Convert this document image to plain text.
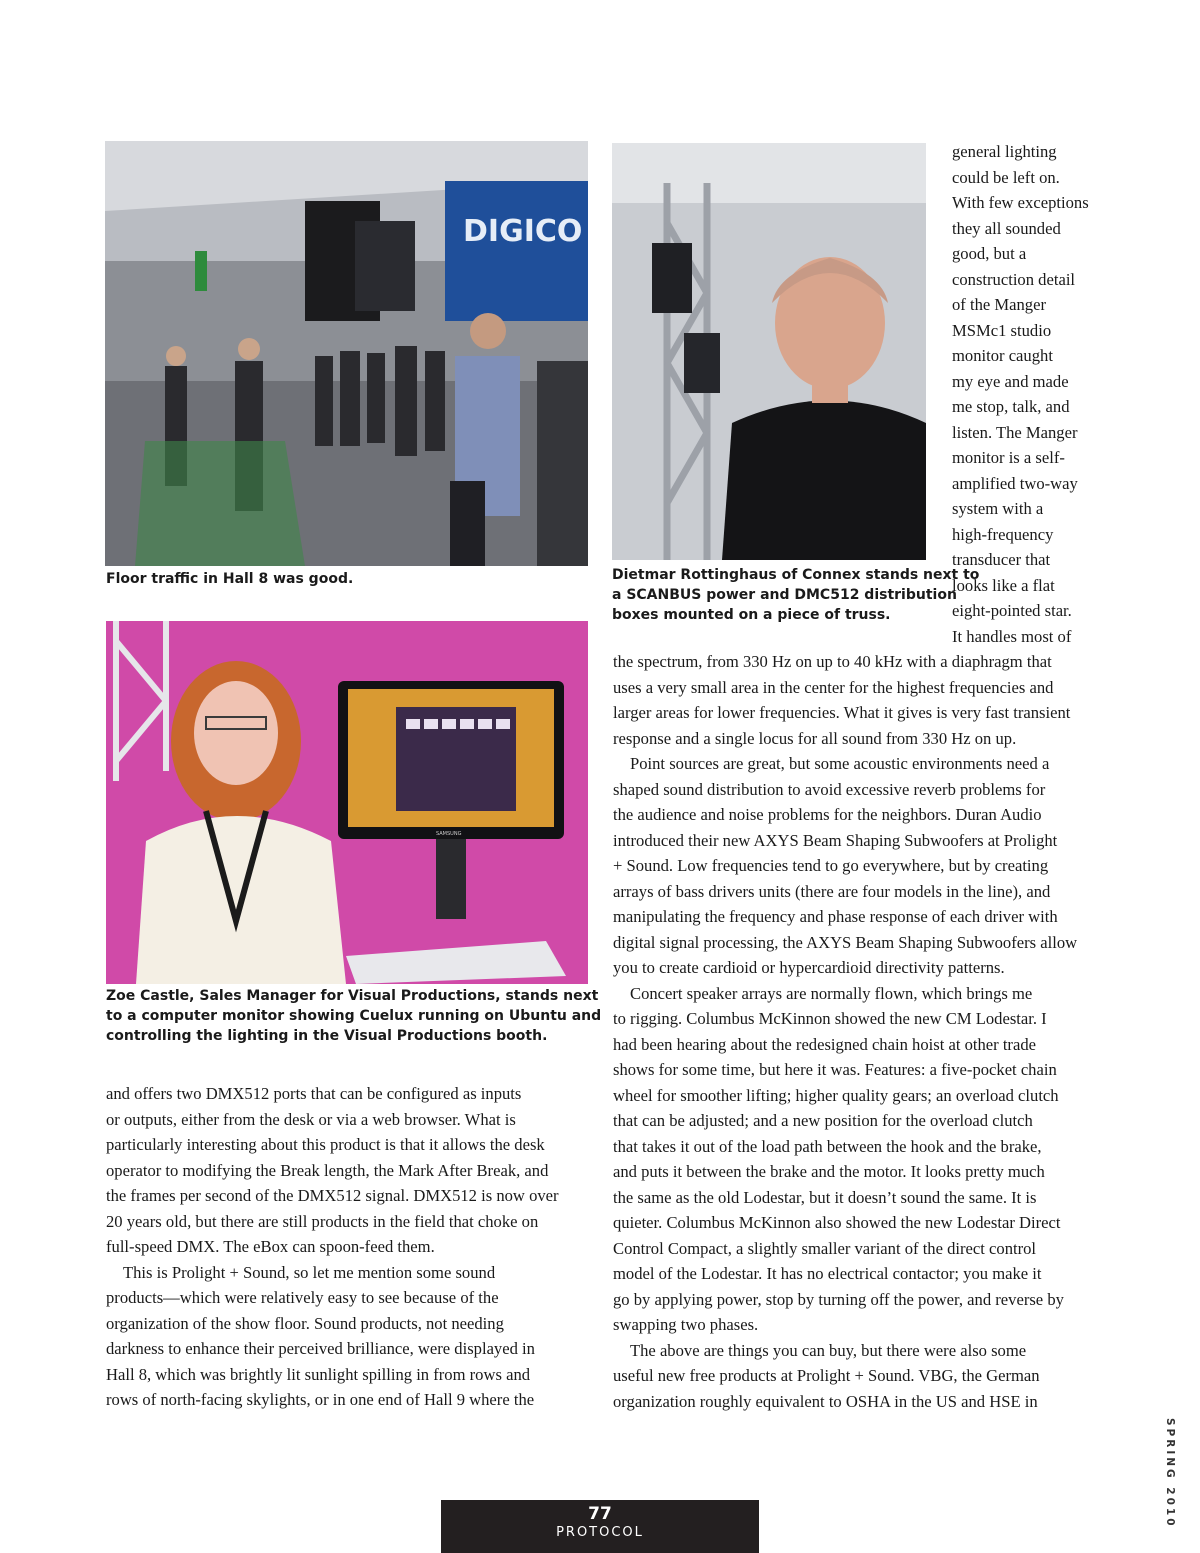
DIGICO

Floor traffic in Hall 8 was good.	Dietmar Rottinghaus of Connex stands next to
a SCANBUS power and DMC512 distribution
boxes mounted on a piece of truss.

general lighting
could be left on.
With few exceptions
they all sounded
good, but a
construction detail
of the Manger
MSMc1 studio
monitor caught
my eye and made
me stop, talk, and
listen. The Manger
monitor is a self-
amplified two-way
system with a
high-frequency
transducer that
looks like a flat
eight-pointed star.
It handles most of
SAMSUNG

Zoe Castle, Sales Manager for Visual Productions, stands next
to a computer monitor showing Cuelux running on Ubuntu and
controlling the lighting in the Visual Productions booth.

and offers two DMX512 ports that can be configured as inputs
or outputs, either from the desk or via a web browser. What is
particularly interesting about this product is that it allows the desk
operator to modifying the Break length, the Mark After Break, and
the frames per second of the DMX512 signal. DMX512 is now over
20 years old, but there are still products in the field that choke on
full-speed DMX. The eBox can spoon-feed them.

This is Prolight + Sound, so let me mention some sound
products—which were relatively easy to see because of the
organization of the show floor. Sound products, not needing
darkness to enhance their perceived brilliance, were displayed in
Hall 8, which was brightly lit sunlight spilling in from rows and
rows of north-facing skylights, or in one end of Hall 9 where the

the spectrum, from 330 Hz on up to 40 kHz with a diaphragm that
uses a very small area in the center for the highest frequencies and
larger areas for lower frequencies. What it gives is very fast transient
response and a single locus for all sound from 330 Hz on up.

Point sources are great, but some acoustic environments need a
shaped sound distribution to avoid excessive reverb problems for
the audience and noise problems for the neighbors. Duran Audio
introduced their new AXYS Beam Shaping Subwoofers at Prolight
+ Sound. Low frequencies tend to go everywhere, but by creating
arrays of bass drivers units (there are four models in the line), and
manipulating the frequency and phase response of each driver with
digital signal processing, the AXYS Beam Shaping Subwoofers allow
you to create cardioid or hypercardioid directivity patterns.

Concert speaker arrays are normally flown, which brings me
to rigging. Columbus McKinnon showed the new CM Lodestar. I
had been hearing about the redesigned chain hoist at other trade
shows for some time, but here it was. Features: a five-pocket chain
wheel for smoother lifting; higher quality gears; an overload clutch
that can be adjusted; and a new position for the overload clutch
that takes it out of the load path between the hook and the brake,
and puts it between the brake and the motor. It looks pretty much
the same as the old Lodestar, but it doesn’t sound the same. It is
quieter. Columbus McKinnon also showed the new Lodestar Direct
Control Compact, a slightly smaller variant of the direct control
model of the Lodestar. It has no electrical contactor; you make it
go by applying power, stop by turning off the power, and reverse by
swapping two phases.

The above are things you can buy, but there were also some
useful new free products at Prolight + Sound. VBG, the German
organization roughly equivalent to OSHA in the US and HSE in

SPRING 2010
77
PROTOCOL
